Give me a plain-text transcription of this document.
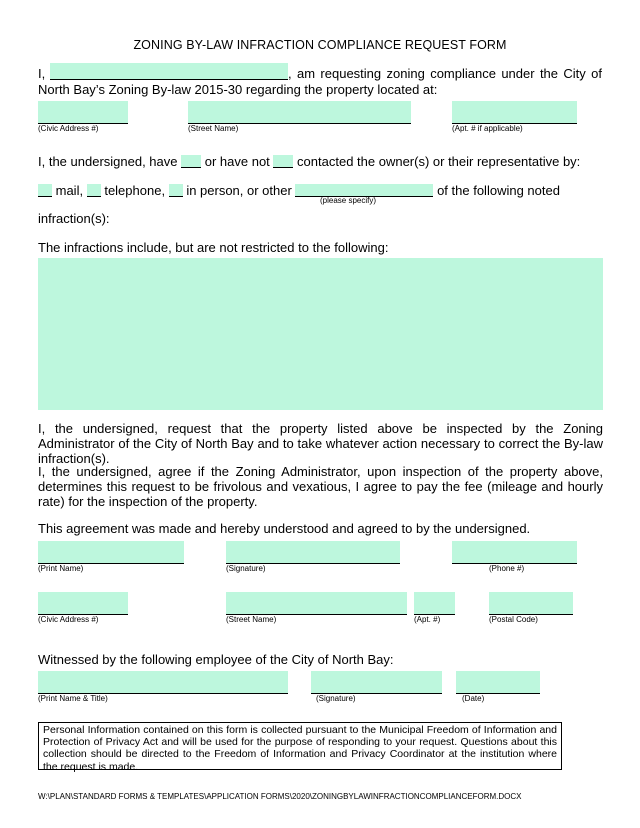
ZONING BY-LAW INFRACTION COMPLIANCE REQUEST FORM
I,	, am requesting zoning compliance under the City of
North Bay’s Zoning By-law 2015-30 regarding the property located at:
(Civic Address #)	(Street Name)	(Apt. # if applicable)
I, the undersigned, have or have not contacted the owner(s) or their representative by:
mail, telephone, in person, or other	of the following noted
(please specify)
infraction(s):
The infractions include, but are not restricted to the following:
I, the undersigned, request that the property listed above be inspected by the Zoning Administrator of the City of North Bay and to take whatever action necessary to correct the By-law infraction(s).
I, the undersigned, agree if the Zoning Administrator, upon inspection of the property above, determines this request to be frivolous and vexatious, I agree to pay the fee (mileage and hourly rate) for the inspection of the property.
This agreement was made and hereby understood and agreed to by the undersigned.
(Print Name)	(Signature)	(Phone #)
(Civic Address #)	(Street Name)	(Apt. #)	(Postal Code)
Witnessed by the following employee of the City of North Bay:
(Print Name & Title)	(Signature)	(Date)
Personal Information contained on this form is collected pursuant to the Municipal Freedom of Information and Protection of Privacy Act and will be used for the purpose of responding to your request. Questions about this collection should be directed to the Freedom of Information and Privacy Coordinator at the institution where the request is made.
W:\PLAN\STANDARD FORMS & TEMPLATES\APPLICATION FORMS\2020\ZONINGBYLAWINFRACTIONCOMPLIANCEFORM.DOCX
